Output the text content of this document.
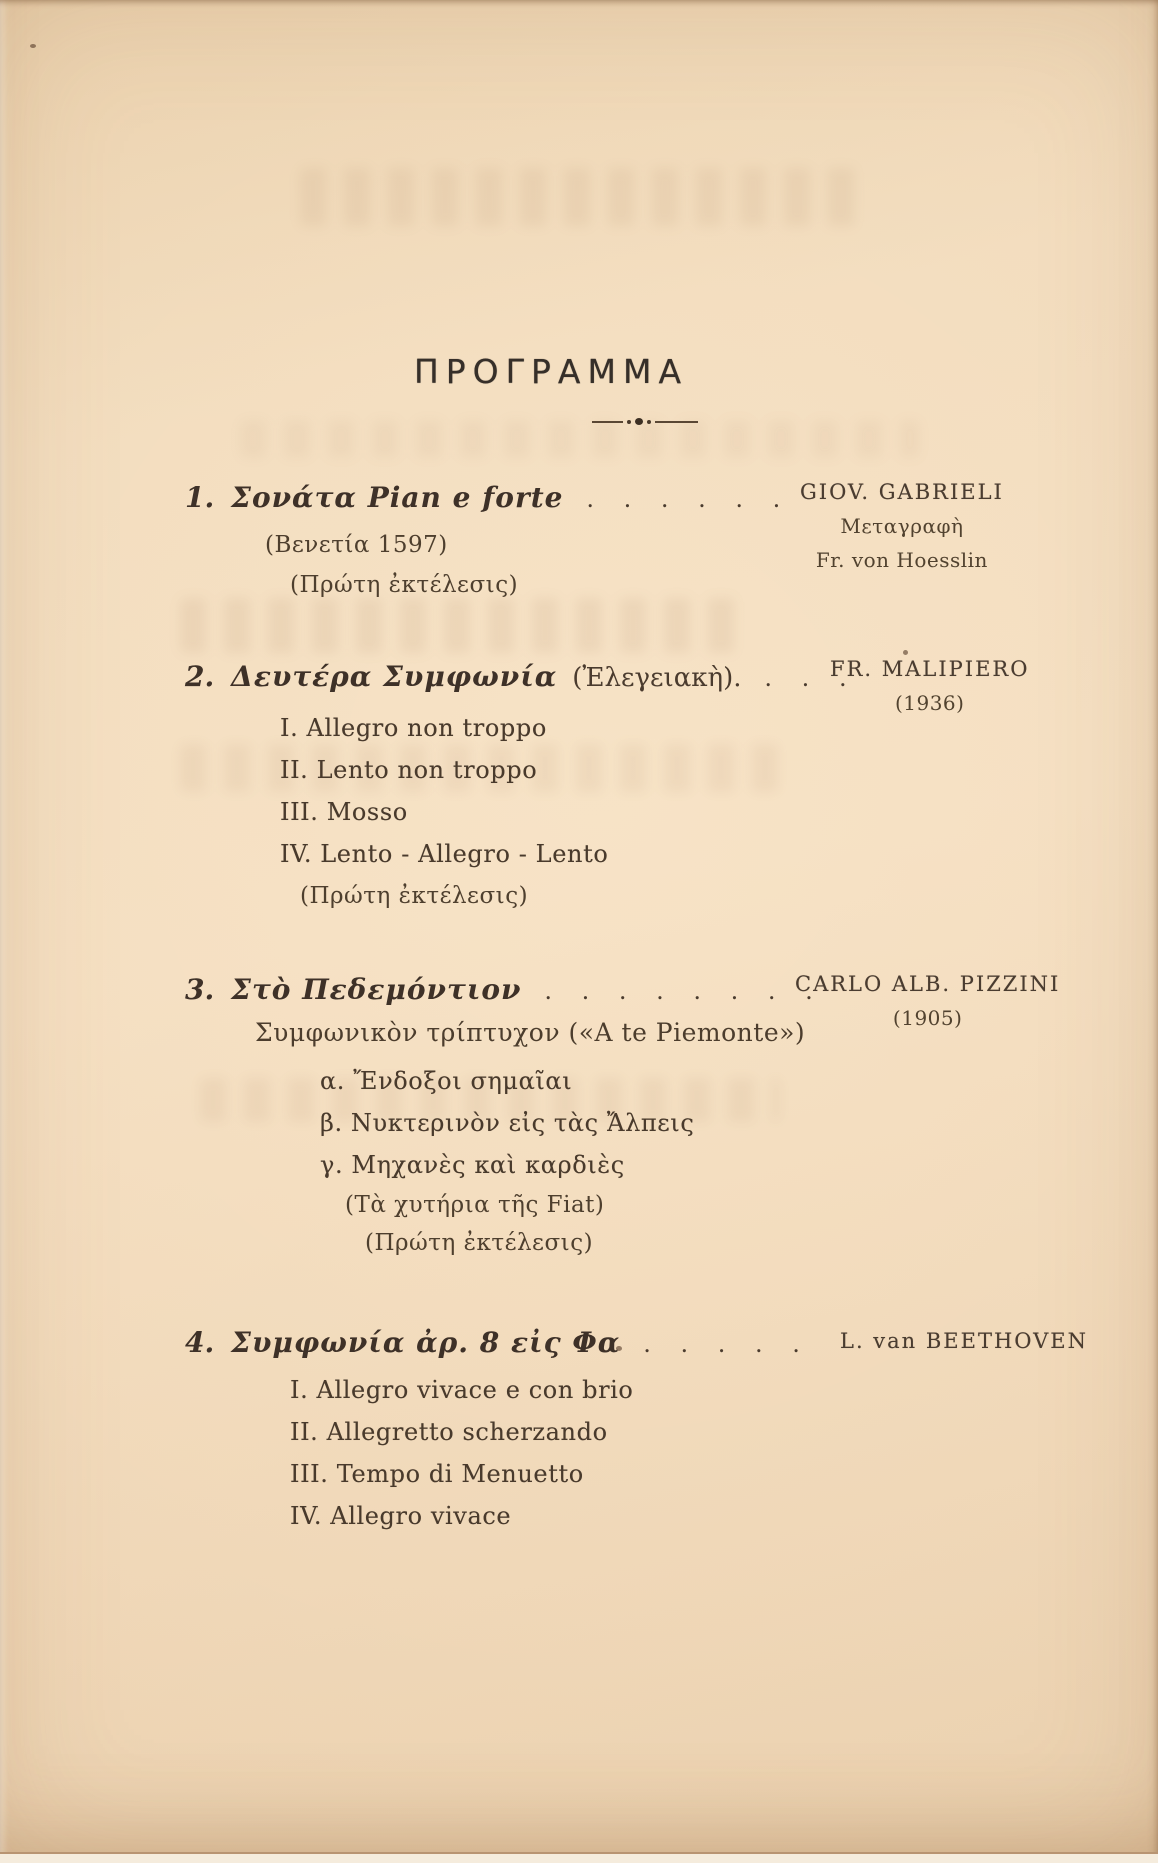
ΠΡΟΓΡΑΜΜΑ
1. Σονάτα Pian e forte . . . . . . GIOV. GABRIELI
Μεταγραφὴ
Fr. von Hoesslin
(Βενετία 1597)
(Πρώτη ἐκτέλεσις)
2. Δευτέρα Συμφωνία (Ἐλεγειακὴ). . . .
FR. MALIPIERO
(1936)
I. Allegro non troppo
II. Lento non troppo
III. Mosso
IV. Lento - Allegro - Lento
(Πρώτη ἐκτέλεσις)
3. Στὸ Πεδεμόντιον . . . . . . . .
CARLO ALB. PIZZINI
(1905)
Συμφωνικὸν τρίπτυχον («A te Piemonte»)
α. Ἔνδοξοι σημαῖαι
β. Νυκτερινὸν εἰς τὰς Ἄλπεις
γ. Μηχανὲς καὶ καρδιὲς
(Τὰ χυτήρια τῆς Fiat)
(Πρώτη ἐκτέλεσις)
4. Συμφωνία ἀρ. 8 εἰς Φα . . . . .	L. van BEETHOVEN
I. Allegro vivace e con brio
II. Allegretto scherzando
III. Tempo di Menuetto
IV. Allegro vivace
